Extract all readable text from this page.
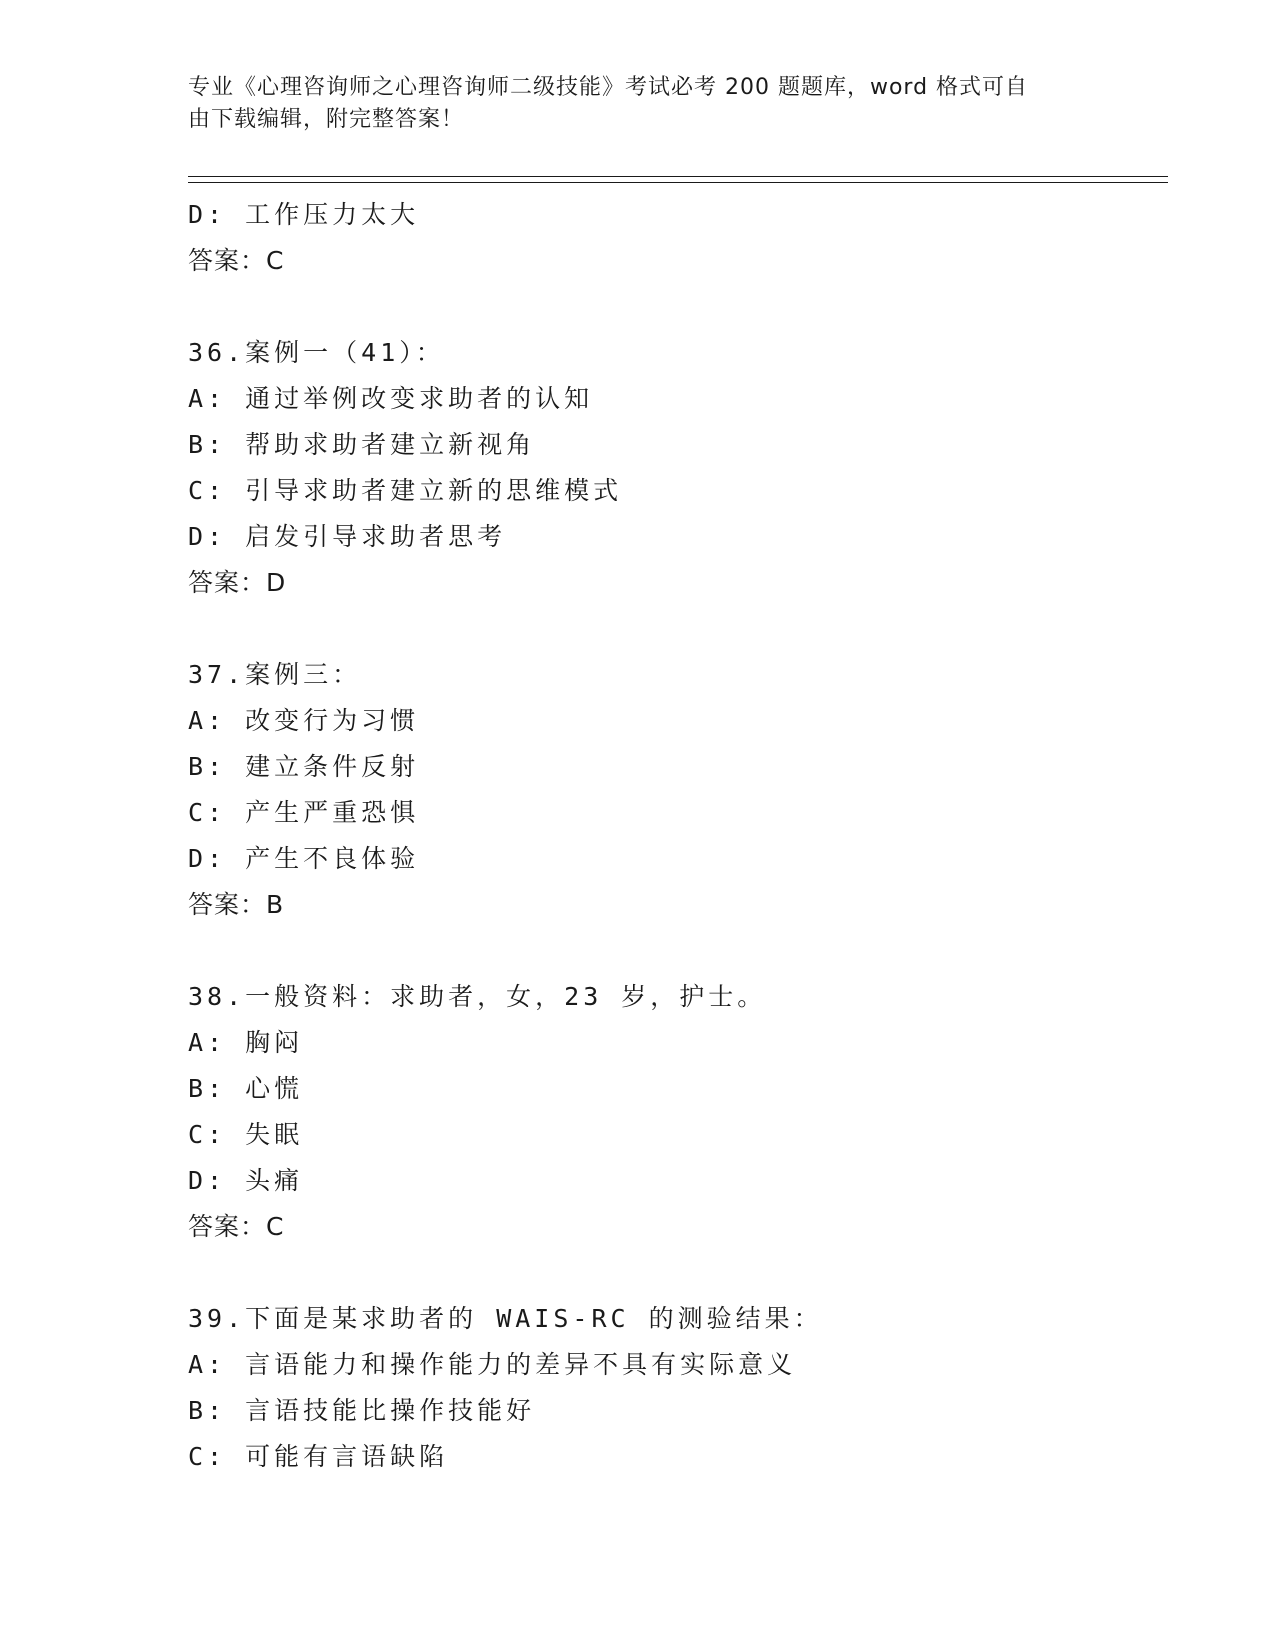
专业《心理咨询师之心理咨询师二级技能》考试必考 200 题题库，word 格式可自
由下载编辑，附完整答案！
D: 工作压力太大
答案：C
36.案例一（41）：
A: 通过举例改变求助者的认知
B: 帮助求助者建立新视角
C: 引导求助者建立新的思维模式
D: 启发引导求助者思考
答案：D
37.案例三：
A: 改变行为习惯
B: 建立条件反射
C: 产生严重恐惧
D: 产生不良体验
答案：B
38.一般资料：求助者，女，23 岁，护士。
A: 胸闷
B: 心慌
C: 失眠
D: 头痛
答案：C
39.下面是某求助者的 WAIS-RC 的测验结果：
A: 言语能力和操作能力的差异不具有实际意义
B: 言语技能比操作技能好
C: 可能有言语缺陷
